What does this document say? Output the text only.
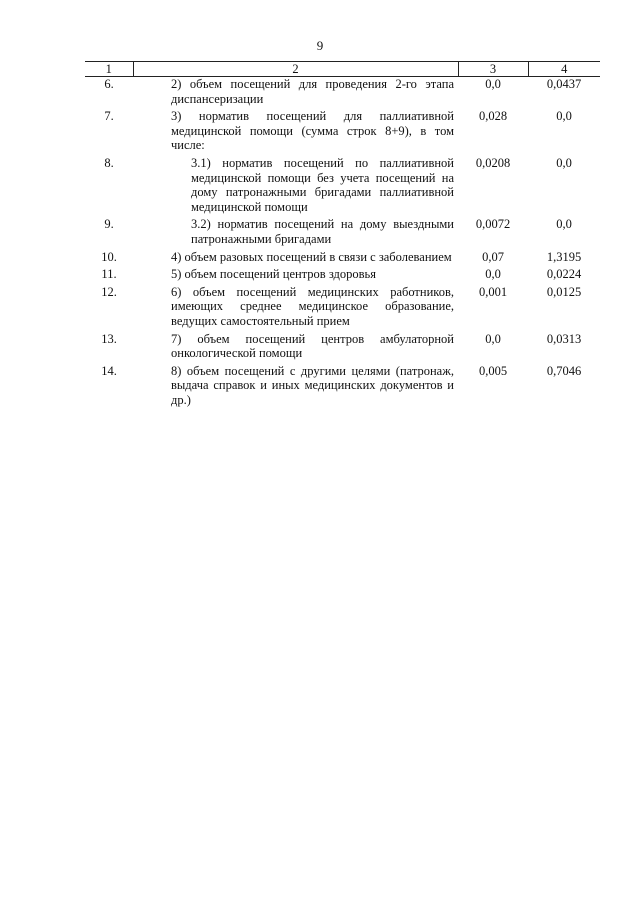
9
1	2	3	4
6.	2) объем посещений для проведения 2-го этапа диспансеризации	0,0	0,0437
7.	3) норматив посещений для паллиативной медицинской помощи (сумма строк 8+9), в том числе:	0,028	0,0
8.	3.1) норматив посещений по паллиативной медицинской помощи без учета посещений на дому патронажными бригадами паллиативной медицинской помощи	0,0208	0,0
9.	3.2) норматив посещений на дому выездными патронажными бригадами	0,0072	0,0
10.	4) объем разовых посещений в связи с заболеванием	0,07	1,3195
11.	5) объем посещений центров здоровья	0,0	0,0224
12.	6) объем посещений медицинских работников, имеющих среднее медицинское образование, ведущих самостоятельный прием	0,001	0,0125
13.	7) объем посещений центров амбулаторной онкологической помощи	0,0	0,0313
14.	8) объем посещений с другими целями (патронаж, выдача справок и иных медицинских документов и др.)	0,005	0,7046
